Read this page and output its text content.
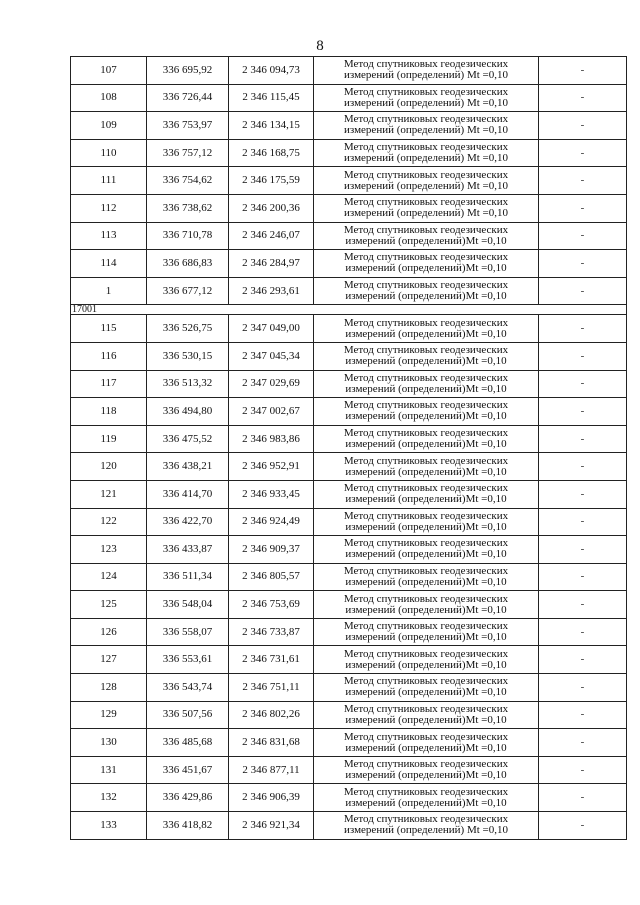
8
107	336 695,92	2 346 094,73	Метод спутниковых геодезических
измерений (определений) Mt =0,10	-
108	336 726,44	2 346 115,45	Метод спутниковых геодезических
измерений (определений) Mt =0,10	-
109	336 753,97	2 346 134,15	Метод спутниковых геодезических
измерений (определений) Mt =0,10	-
110	336 757,12	2 346 168,75	Метод спутниковых геодезических
измерений (определений) Mt =0,10	-
111	336 754,62	2 346 175,59	Метод спутниковых геодезических
измерений (определений) Mt =0,10	-
112	336 738,62	2 346 200,36	Метод спутниковых геодезических
измерений (определений) Mt =0,10	-
113	336 710,78	2 346 246,07	Метод спутниковых геодезических
измерений (определений)Mt =0,10	-
114	336 686,83	2 346 284,97	Метод спутниковых геодезических
измерений (определений)Mt =0,10	-
1	336 677,12	2 346 293,61	Метод спутниковых геодезических
измерений (определений)Mt =0,10	-
17001				
115	336 526,75	2 347 049,00	Метод спутниковых геодезических
измерений (определений)Mt =0,10	-
116	336 530,15	2 347 045,34	Метод спутниковых геодезических
измерений (определений)Mt =0,10	-
117	336 513,32	2 347 029,69	Метод спутниковых геодезических
измерений (определений)Mt =0,10	-
118	336 494,80	2 347 002,67	Метод спутниковых геодезических
измерений (определений)Mt =0,10	-
119	336 475,52	2 346 983,86	Метод спутниковых геодезических
измерений (определений)Mt =0,10	-
120	336 438,21	2 346 952,91	Метод спутниковых геодезических
измерений (определений)Mt =0,10	-
121	336 414,70	2 346 933,45	Метод спутниковых геодезических
измерений (определений)Mt =0,10	-
122	336 422,70	2 346 924,49	Метод спутниковых геодезических
измерений (определений)Mt =0,10	-
123	336 433,87	2 346 909,37	Метод спутниковых геодезических
измерений (определений)Mt =0,10	-
124	336 511,34	2 346 805,57	Метод спутниковых геодезических
измерений (определений)Mt =0,10	-
125	336 548,04	2 346 753,69	Метод спутниковых геодезических
измерений (определений)Mt =0,10	-
126	336 558,07	2 346 733,87	Метод спутниковых геодезических
измерений (определений)Mt =0,10	-
127	336 553,61	2 346 731,61	Метод спутниковых геодезических
измерений (определений)Mt =0,10	-
128	336 543,74	2 346 751,11	Метод спутниковых геодезических
измерений (определений)Mt =0,10	-
129	336 507,56	2 346 802,26	Метод спутниковых геодезических
измерений (определений)Mt =0,10	-
130	336 485,68	2 346 831,68	Метод спутниковых геодезических
измерений (определений)Mt =0,10	-
131	336 451,67	2 346 877,11	Метод спутниковых геодезических
измерений (определений)Mt =0,10	-
132	336 429,86	2 346 906,39	Метод спутниковых геодезических
измерений (определений)Mt =0,10	-
133	336 418,82	2 346 921,34	Метод спутниковых геодезических
измерений (определений) Mt =0,10	-
